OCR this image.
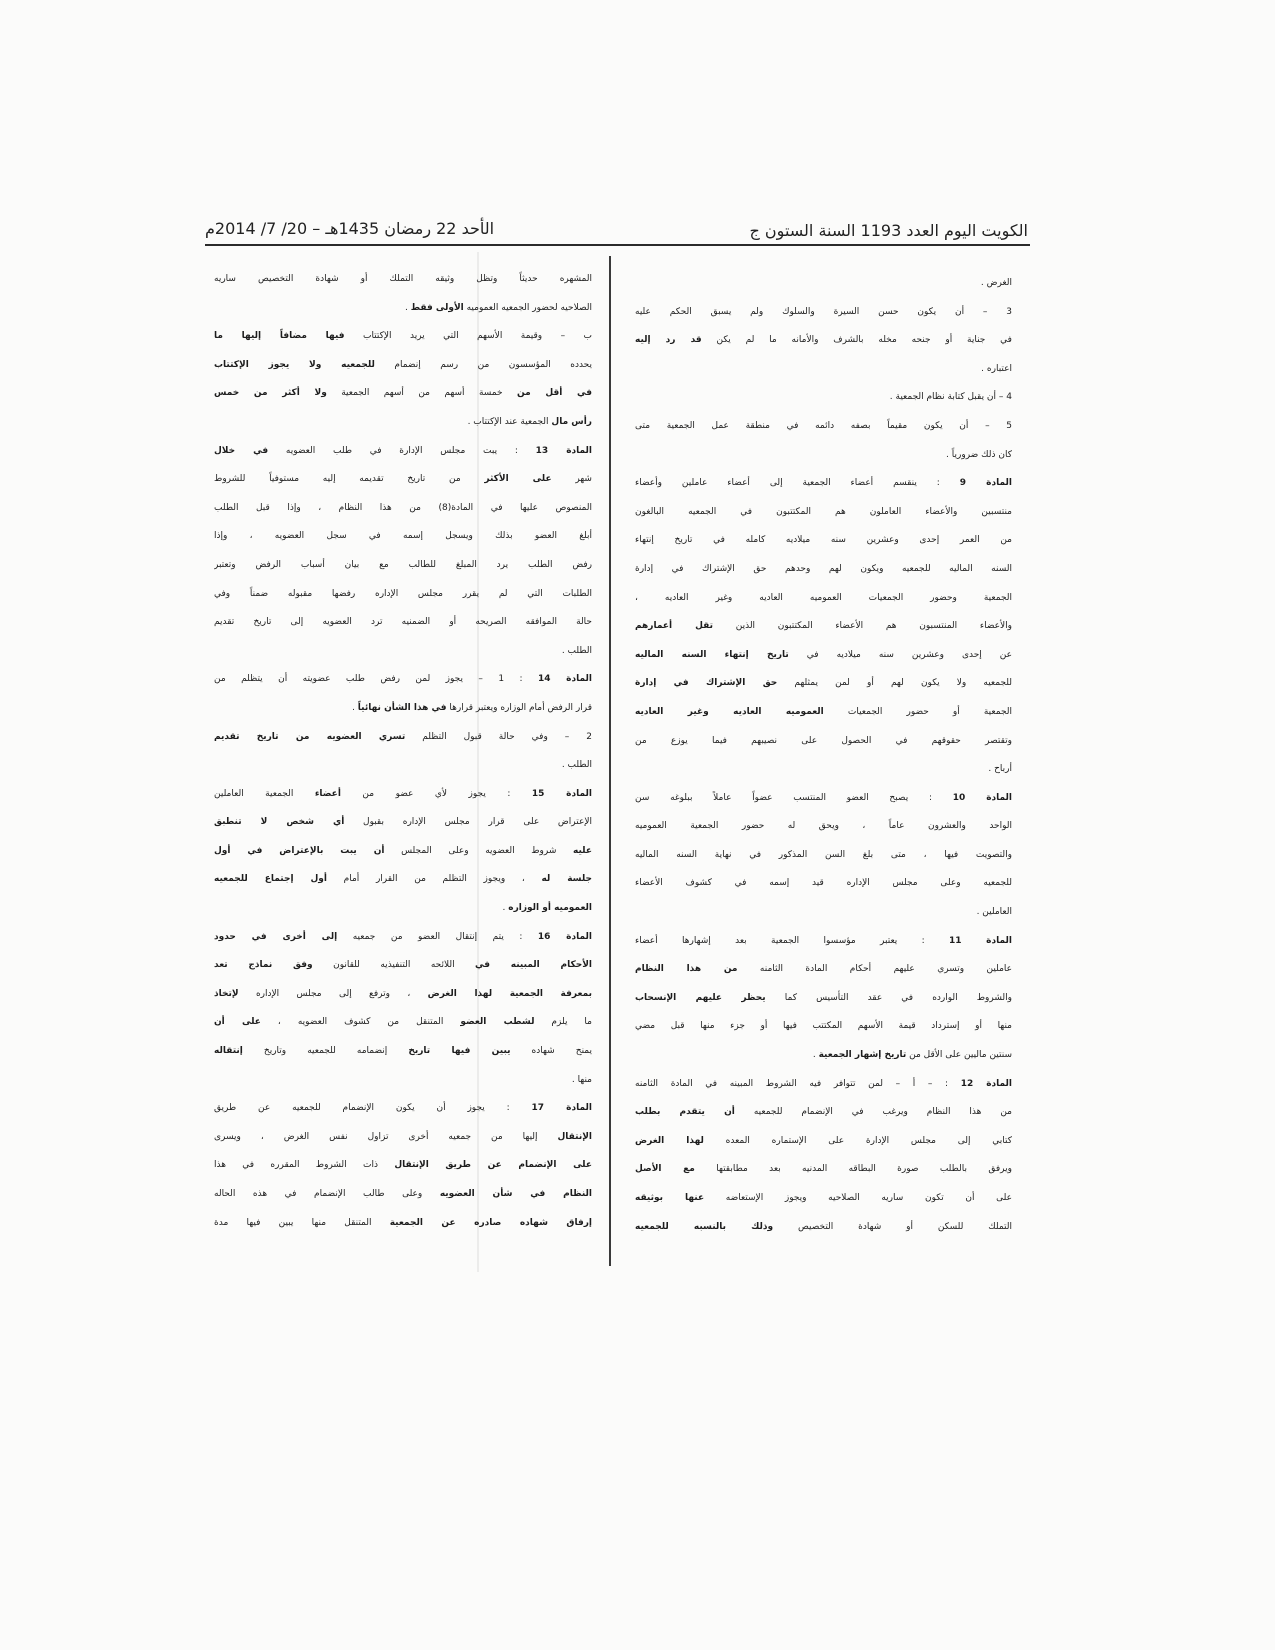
الكويت اليوم العدد 1193 السنة الستون ج
الأحد 22 رمضان 1435هـ – 20/ 7/ 2014م
الغرض .
3 – أن يكون حسن السيرة والسلوك ولم يسبق الحكم عليه
في جناية أو جنحه مخله بالشرف والأمانه ما لم يكن قد رد إليه
اعتباره .
4 – أن يقبل كتابة نظام الجمعية .
5 – أن يكون مقيماً بصفه دائمه في منطقة عمل الجمعية متى
كان ذلك ضرورياً .
المادة 9 : ينقسم أعضاء الجمعية إلى أعضاء عاملين وأعضاء
منتسبين والأعضاء العاملون هم المكتتبون في الجمعيه البالغون
من العمر إحدى وعشرين سنه ميلاديه كامله في تاريخ إنتهاء
السنه الماليه للجمعيه ويكون لهم وحدهم حق الإشتراك في إدارة
الجمعية وحضور الجمعيات العموميه العاديه وغير العاديه ،
والأعضاء المنتسبون هم الأعضاء المكتتبون الذين تقل أعمارهم
عن إحدى وعشرين سنه ميلاديه في تاريخ إنتهاء السنه الماليه
للجمعيه ولا يكون لهم أو لمن يمثلهم حق الإشتراك في إدارة
الجمعية أو حضور الجمعيات العموميه العاديه وغير العاديه
وتقتصر حقوقهم في الحصول على نصيبهم فيما يوزع من
أرباح .
المادة 10 : يصبح العضو المنتسب عضواً عاملاً ببلوغه سن
الواحد والعشرون عاماً ، ويحق له حضور الجمعية العموميه
والتصويت فيها ، متى بلغ السن المذكور في نهاية السنه الماليه
للجمعيه وعلى مجلس الإداره قيد إسمه في كشوف الأعضاء
العاملين .
المادة 11 : يعتبر مؤسسوا الجمعية بعد إشهارها أعضاء
عاملين وتسري عليهم أحكام المادة الثامنه من هذا النظام
والشروط الوارده في عقد التأسيس كما يحظر عليهم الإنسحاب
منها أو إسترداد قيمة الأسهم المكتتب فيها أو جزء منها قبل مضي
سنتين ماليين على الأقل من تاريخ إشهار الجمعية .
المادة 12 : – أ – لمن تتوافر فيه الشروط المبينه في المادة الثامنه
من هذا النظام ويرغب في الإنضمام للجمعيه أن يتقدم بطلب
كتابي إلى مجلس الإدارة على الإستماره المعده لهذا الغرض
ويرفق بالطلب صورة البطاقه المدنيه بعد مطابقتها مع الأصل
على أن تكون ساريه الصلاحيه ويجوز الإستعاضه عنها بوثيقه
التملك للسكن أو شهادة التخصيص وذلك بالنسبه للجمعيه
المشهره حديثاً وتظل وثيقه التملك أو شهادة التخصيص ساريه
الصلاحيه لحضور الجمعيه العموميه الأولى فقط .
ب – وقيمة الأسهم التي يريد الإكتتاب فيها مضافاً إليها ما
يحدده المؤسسون من رسم إنضمام للجمعيه ولا يجوز الإكتتاب
في أقل من خمسة أسهم من أسهم الجمعية ولا أكثر من خمس
رأس مال الجمعية عند الإكتتاب .
المادة 13 : يبت مجلس الإدارة في طلب العضويه في خلال
شهر على الأكثر من تاريخ تقديمه إليه مستوفياً للشروط
المنصوص عليها في المادة(8) من هذا النظام ، وإذا قبل الطلب
أبلغ العضو بذلك ويسجل إسمه في سجل العضويه ، وإذا
رفض الطلب يرد المبلغ للطالب مع بيان أسباب الرفض وتعتبر
الطلبات التي لم يقرر مجلس الإداره رفضها مقبوله ضمناً وفي
حالة الموافقه الصريحه أو الضمنيه ترد العضويه إلى تاريخ تقديم
الطلب .
المادة 14 : 1 – يجوز لمن رفض طلب عضويته أن يتظلم من
قرار الرفض أمام الوزاره ويعتبر قرارها في هذا الشأن نهائياً .
2 – وفي حالة قبول التظلم تسري العضويه من تاريخ تقديم
الطلب .
المادة 15 : يجوز لأي عضو من أعضاء الجمعية العاملين
الإعتراض على قرار مجلس الإداره بقبول أي شخص لا تنطبق
عليه شروط العضويه وعلى المجلس أن يبت بالإعتراض في أول
جلسة له ، ويجوز التظلم من القرار أمام أول إجتماع للجمعيه
العموميه أو الوزاره .
المادة 16 : يتم إنتقال العضو من جمعيه إلى أخرى في حدود
الأحكام المبينه في اللائحه التنفيذيه للقانون وفق نماذج تعد
بمعرفة الجمعية لهذا الغرض ، وترفع إلى مجلس الإداره لإتخاذ
ما يلزم لشطب العضو المتنقل من كشوف العضويه ، على أن
يمنح شهاده يبين فيها تاريخ إنضمامه للجمعيه وتاريخ إنتقاله
منها .
المادة 17 : يجوز أن يكون الإنضمام للجمعيه عن طريق
الإنتقال إليها من جمعيه أخرى تزاول نفس الغرض ، ويسرى
على الإنضمام عن طريق الإنتقال ذات الشروط المقرره في هذا
النظام في شأن العضويه وعلى طالب الإنضمام في هذه الحاله
إرفاق شهاده صادره عن الجمعية المتنقل منها يبين فيها مدة
